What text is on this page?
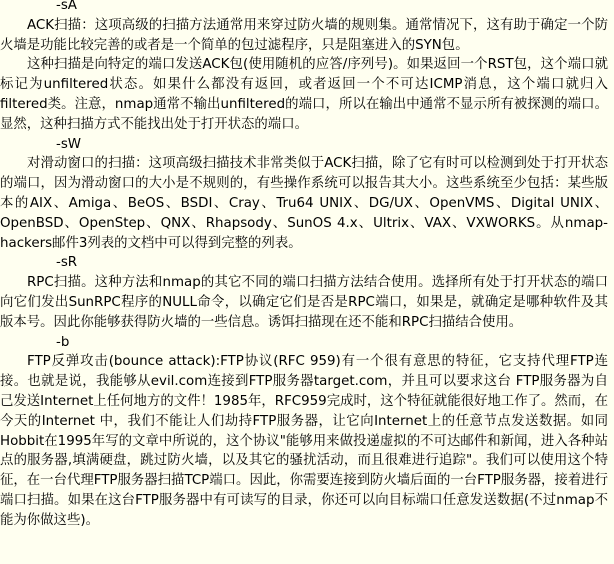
-sA

ACK扫描：这项高级的扫描方法通常用来穿过防火墙的规则集。通常情况下，这有助于确定一个防火墙是功能比较完善的或者是一个简单的包过滤程序，只是阻塞进入的SYN包。

这种扫描是向特定的端口发送ACK包(使用随机的应答/序列号)。如果返回一个RST包，这个端口就标记为unfiltered状态。如果什么都没有返回，或者返回一个不可达ICMP消息，这个端口就归入filtered类。注意，nmap通常不输出unfiltered的端口，所以在输出中通常不显示所有被探测的端口。显然，这种扫描方式不能找出处于打开状态的端口。

-sW

对滑动窗口的扫描：这项高级扫描技术非常类似于ACK扫描，除了它有时可以检测到处于打开状态的端口，因为滑动窗口的大小是不规则的，有些操作系统可以报告其大小。这些系统至少包括：某些版本的AIX、Amiga、BeOS、BSDI、Cray、Tru64 UNIX、DG/UX、OpenVMS、Digital UNIX、OpenBSD、OpenStep、QNX、Rhapsody、SunOS 4.x、Ultrix、VAX、VXWORKS。从nmap-hackers邮件3列表的文档中可以得到完整的列表。

-sR

RPC扫描。这种方法和nmap的其它不同的端口扫描方法结合使用。选择所有处于打开状态的端口向它们发出SunRPC程序的NULL命令，以确定它们是否是RPC端口，如果是，就确定是哪种软件及其版本号。因此你能够获得防火墙的一些信息。诱饵扫描现在还不能和RPC扫描结合使用。

-b

FTP反弹攻击(bounce attack):FTP协议(RFC 959)有一个很有意思的特征，它支持代理FTP连接。也就是说，我能够从evil.com连接到FTP服务器target.com，并且可以要求这台 FTP服务器为自己发送Internet上任何地方的文件！1985年，RFC959完成时，这个特征就能很好地工作了。然而，在今天的Internet 中，我们不能让人们劫持FTP服务器，让它向Internet上的任意节点发送数据。如同Hobbit在1995年写的文章中所说的，这个协议"能够用来做投递虚拟的不可达邮件和新闻，进入各种站点的服务器,填满硬盘，跳过防火墙，以及其它的骚扰活动，而且很难进行追踪"。我们可以使用这个特征，在一台代理FTP服务器扫描TCP端口。因此，你需要连接到防火墙后面的一台FTP服务器，接着进行端口扫描。如果在这台FTP服务器中有可读写的目录，你还可以向目标端口任意发送数据(不过nmap不能为你做这些)。
